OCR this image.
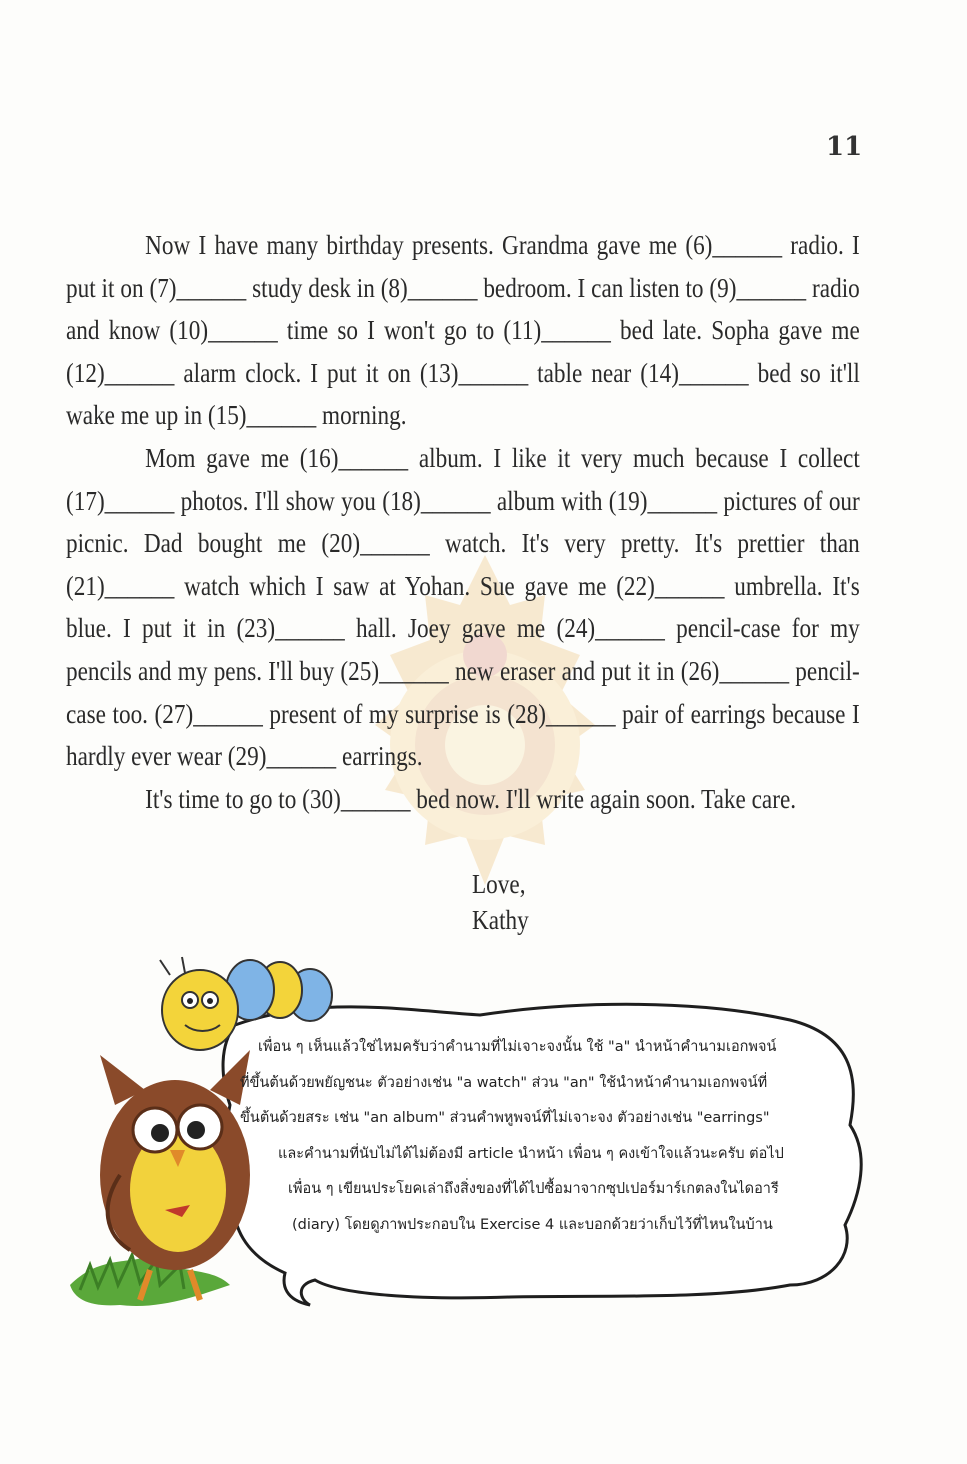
11

Now I have many birthday presents. Grandma gave me (6)______ radio. I put it on (7)______ study desk in (8)______ bedroom. I can listen to (9)______ radio and know (10)______ time so I won't go to (11)______ bed late. Sopha gave me (12)______ alarm clock. I put it on (13)______ table near (14)______ bed so it'll wake me up in (15)______ morning.

Mom gave me (16)______ album. I like it very much because I collect (17)______ photos. I'll show you (18)______ album with (19)______ pictures of our picnic. Dad bought me (20)______ watch. It's very pretty. It's prettier than (21)______ watch which I saw at Yohan. Sue gave me (22)______ umbrella. It's blue. I put it in (23)______ hall. Joey gave me (24)______ pencil-case for my pencils and my pens. I'll buy (25)______ new eraser and put it in (26)______ pencil-case too. (27)______ present of my surprise is (28)______ pair of earrings because I hardly ever wear (29)______ earrings.

It's time to go to (30)______ bed now. I'll write again soon. Take care.

Love,
Kathy
เพื่อน ๆ เห็นแล้วใช่ไหมครับว่าคำนามที่ไม่เจาะจงนั้น ใช้ "a" นำหน้าคำนามเอกพจน์
ที่ขึ้นต้นด้วยพยัญชนะ ตัวอย่างเช่น "a watch" ส่วน "an" ใช้นำหน้าคำนามเอกพจน์ที่
ขึ้นต้นด้วยสระ เช่น "an album" ส่วนคำพหูพจน์ที่ไม่เจาะจง ตัวอย่างเช่น "earrings"
และคำนามที่นับไม่ได้ไม่ต้องมี article นำหน้า เพื่อน ๆ คงเข้าใจแล้วนะครับ ต่อไป
เพื่อน ๆ เขียนประโยคเล่าถึงสิ่งของที่ได้ไปซื้อมาจากซุปเปอร์มาร์เกตลงในไดอารี
(diary) โดยดูภาพประกอบใน Exercise 4 และบอกด้วยว่าเก็บไว้ที่ไหนในบ้าน
